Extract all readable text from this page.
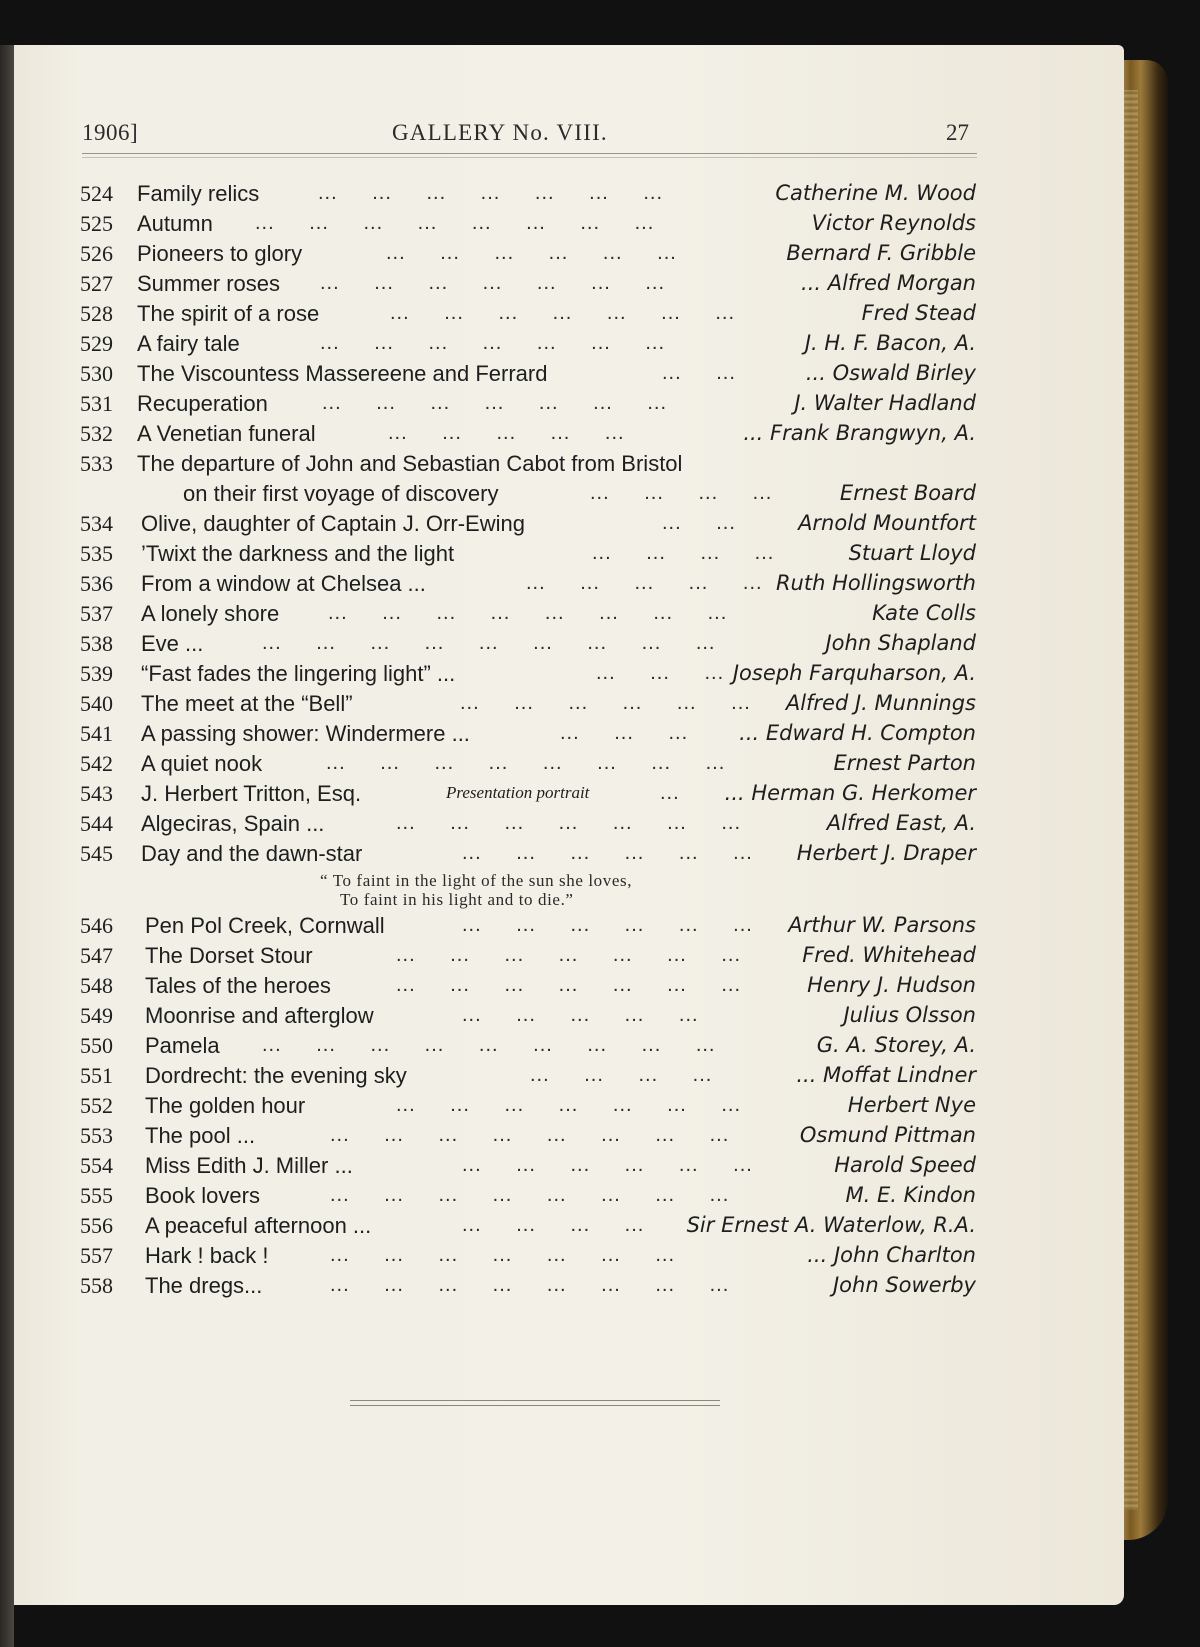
1906]	GALLERY No. VIII.	27
524 Family relics	... ... ... ... ... ... ...	Catherine M. Wood
525 Autumn ... ... ... ... ... ... ... ...	Victor Reynolds
526 Pioneers to glory	... ... ... ... ... ...	Bernard F. Gribble
527 Summer roses ... ... ... ... ... ... ...	... Alfred Morgan
528 The spirit of a rose	... ... ... ... ... ... ...	Fred Stead
529 A fairy tale	... ... ... ... ... ... ...	J. H. F. Bacon, A.
530 The Viscountess Massereene and Ferrard	... ...	... Oswald Birley
531 Recuperation	... ... ... ... ... ... ...	J. Walter Hadland
532 A Venetian funeral	... ... ... ... ...	... Frank Brangwyn, A.
533 The departure of John and Sebastian Cabot from Bristol
on their first voyage of discovery	... ... ... ...	Ernest Board
534 Olive, daughter of Captain J. Orr-Ewing	... ...	Arnold Mountfort
535 ’Twixt the darkness and the light	... ... ... ...	Stuart Lloyd
536 From a window at Chelsea ...	... ... ... ... ... Ruth Hollingsworth
537 A lonely shore ... ... ... ... ... ... ... ...	Kate Colls
538 Eve ...	... ... ... ... ... ... ... ... ...	John Shapland
539 “Fast fades the lingering light” ...	... ... ... Joseph Farquharson, A.
540 The meet at the “Bell”	... ... ... ... ... ... Alfred J. Munnings
541 A passing shower: Windermere ...	... ... ... ... Edward H. Compton
542 A quiet nook	... ... ... ... ... ... ... ...	Ernest Parton
543 J. Herbert Tritton, Esq.	Presentation portrait	... ... Herman G. Herkomer
544 Algeciras, Spain ...	... ... ... ... ... ... ...	Alfred East, A.
545 Day and the dawn-star	... ... ... ... ... ... Herbert J. Draper
“ To faint in the light of the sun she loves,
To faint in his light and to die.”
546 Pen Pol Creek, Cornwall	... ... ... ... ... ... Arthur W. Parsons
547 The Dorset Stour	... ... ... ... ... ... ...	Fred. Whitehead
548 Tales of the heroes	... ... ... ... ... ... ...	Henry J. Hudson
549 Moonrise and afterglow	... ... ... ... ...	Julius Olsson
550 Pamela ... ... ... ... ... ... ... ... ...	G. A. Storey, A.
551 Dordrecht: the evening sky	... ... ... ...	... Moffat Lindner
552 The golden hour	... ... ... ... ... ... ...	Herbert Nye
553 The pool ...	... ... ... ... ... ... ... ...	Osmund Pittman
554 Miss Edith J. Miller ...	... ... ... ... ... ...	Harold Speed
555 Book lovers	... ... ... ... ... ... ... ...	M. E. Kindon
556 A peaceful afternoon ...	... ... ... ... Sir Ernest A. Waterlow, R.A.
557 Hark ! back !	... ... ... ... ... ... ...	... John Charlton
558 The dregs...	... ... ... ... ... ... ... ...	John Sowerby
